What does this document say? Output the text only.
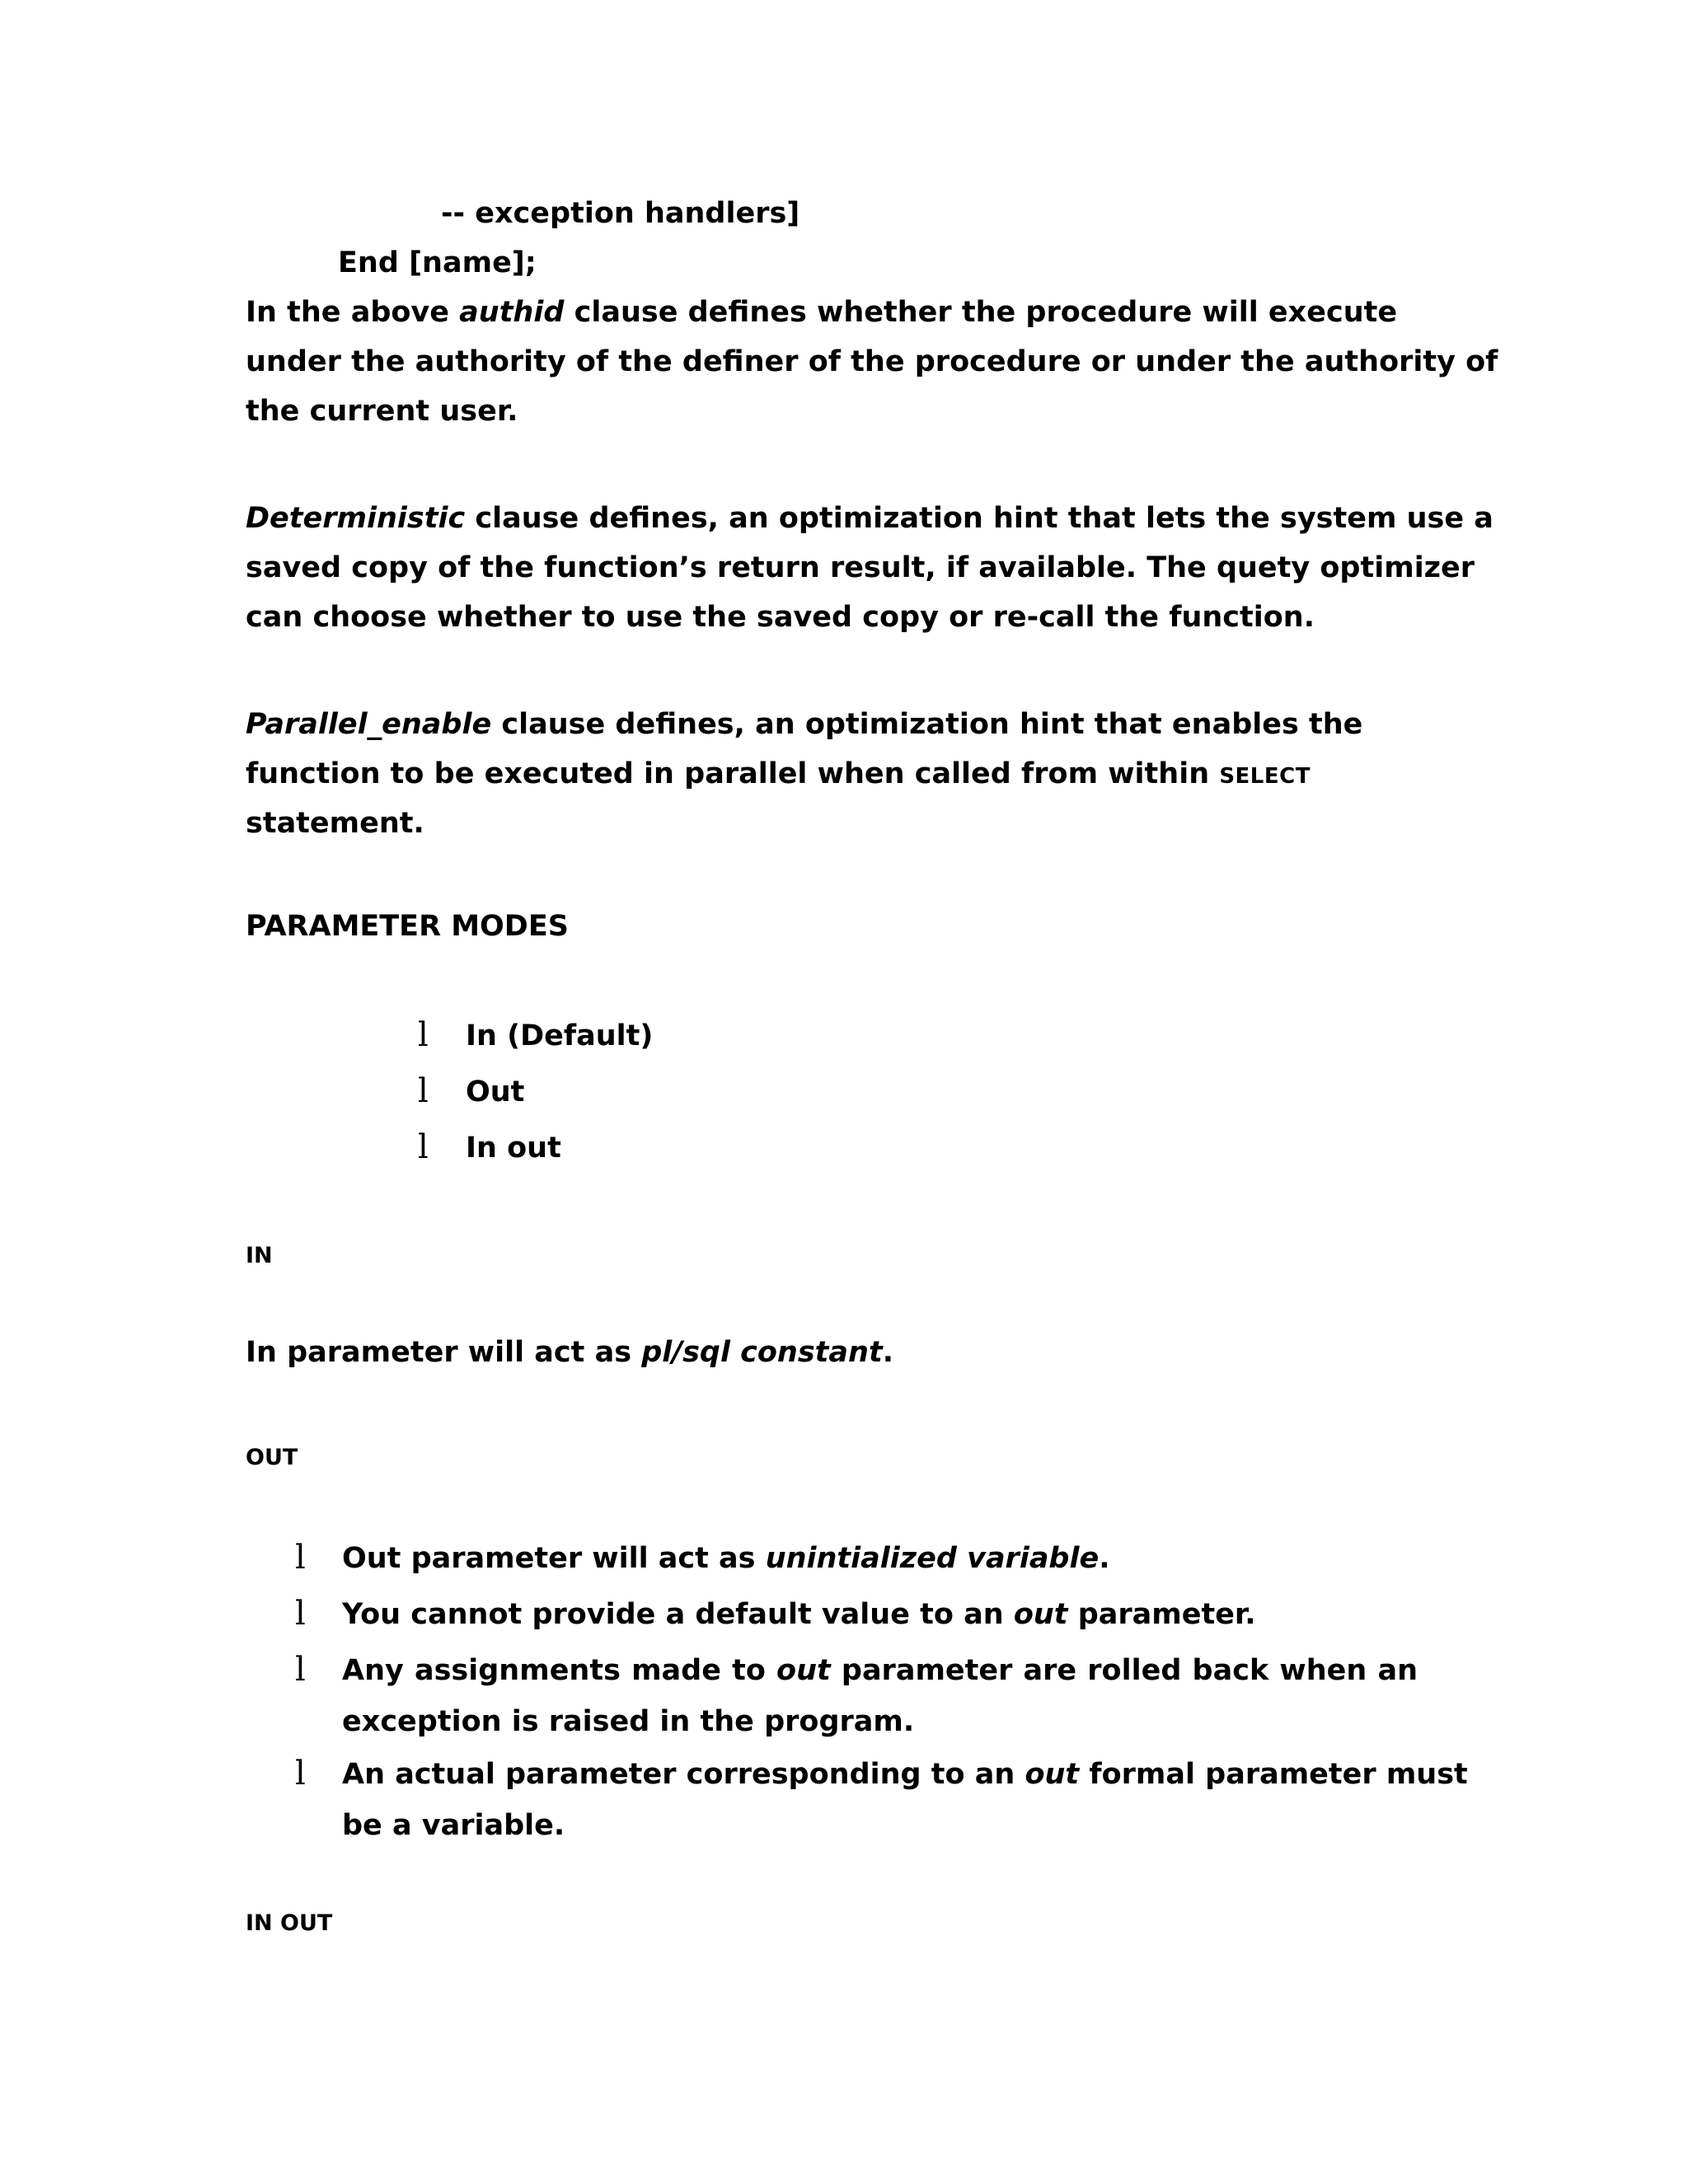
-- exception handlers]
End [name];
In the above authid clause defines whether the procedure will execute
under the authority of the definer of the procedure or under the authority of
the current user.
Deterministic clause defines, an optimization hint that lets the system use a
saved copy of the function’s return result, if available. The quety optimizer
can choose whether to use the saved copy or re-call the function.
Parallel_enable clause defines, an optimization hint that enables the
function to be executed in parallel when called from within SELECT
statement.
PARAMETER MODES
l In (Default)
l Out
l In out
IN
In parameter will act as pl/sql constant.
OUT
l Out parameter will act as unintialized variable.
l You cannot provide a default value to an out parameter.
l Any assignments made to out parameter are rolled back when an
exception is raised in the program.
l An actual parameter corresponding to an out formal parameter must
be a variable.
IN OUT
